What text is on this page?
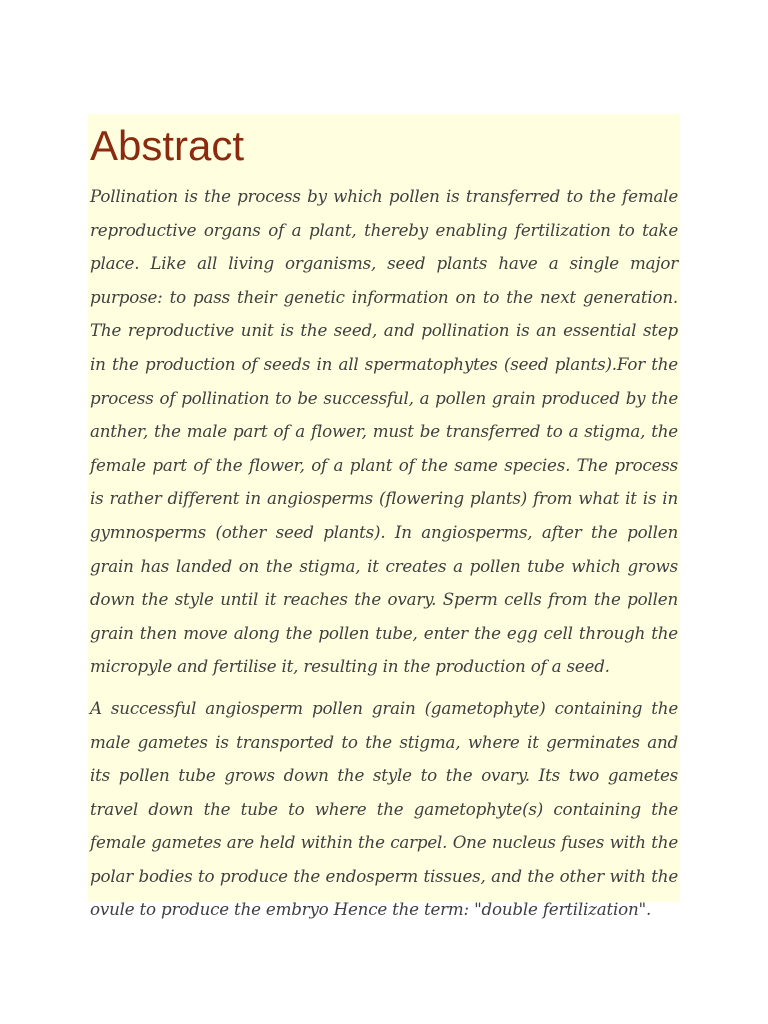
Abstract

Pollination is the process by which pollen is transferred to the female reproductive organs of a plant, thereby enabling fertilization to take place. Like all living organisms, seed plants have a single major purpose: to pass their genetic information on to the next generation. The reproductive unit is the seed, and pollination is an essential step in the production of seeds in all spermatophytes (seed plants).For the process of pollination to be successful, a pollen grain produced by the anther, the male part of a flower, must be transferred to a stigma, the female part of the flower, of a plant of the same species. The process is rather different in angiosperms (flowering plants) from what it is in gymnosperms (other seed plants). In angiosperms, after the pollen grain has landed on the stigma, it creates a pollen tube which grows down the style until it reaches the ovary. Sperm cells from the pollen grain then move along the pollen tube, enter the egg cell through the micropyle and fertilise it, resulting in the production of a seed.

A successful angiosperm pollen grain (gametophyte) containing the male gametes is transported to the stigma, where it germinates and its pollen tube grows down the style to the ovary. Its two gametes travel down the tube to where the gametophyte(s) containing the female gametes are held within the carpel. One nucleus fuses with the polar bodies to produce the endosperm tissues, and the other with the ovule to produce the embryo Hence the term: "double fertilization".
